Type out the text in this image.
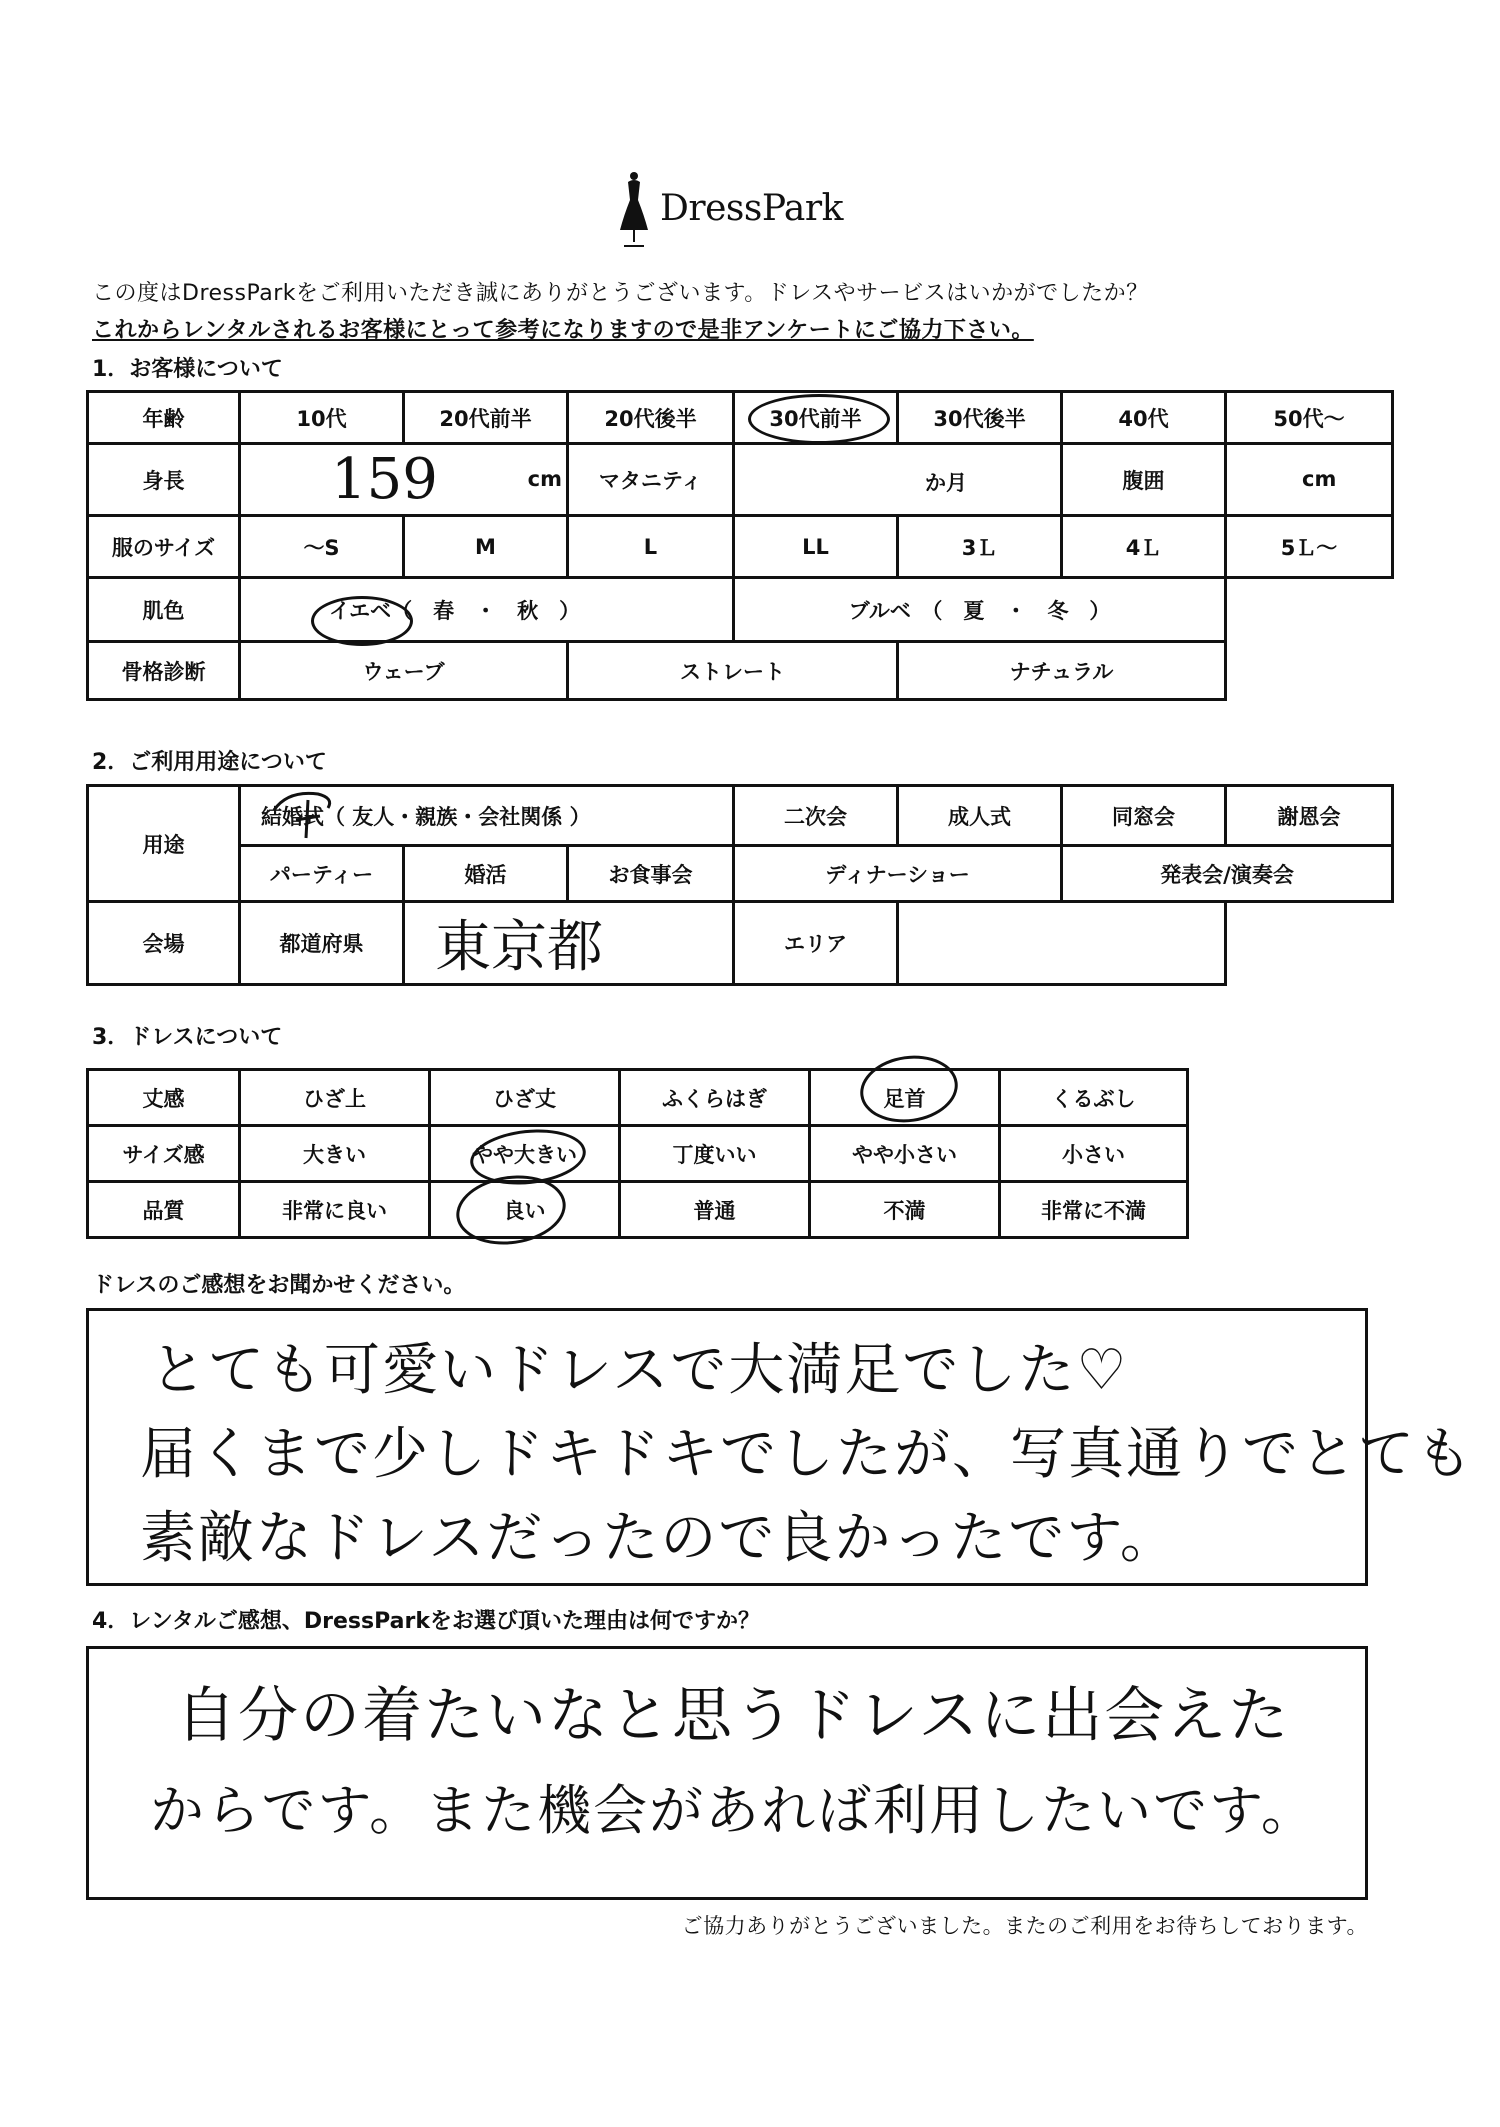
DressPark
この度はDressParkをご利用いただき誠にありがとうございます。ドレスやサービスはいかがでしたか？
これからレンタルされるお客様にとって参考になりますので是非アンケートにご協力下さい。
1．お客様について
年齢	10代	20代前半	20代後半	30代前半	30代後半	40代	50代～
身長	159 cm		マタニティ	か月		腹囲	cm

服のサイズ	～S	M	L	LL	3Ｌ	4Ｌ	5Ｌ～
肌色	イエベ（　春　・　秋　）			ブルベ　（　夏　・　冬　）			
骨格診断	ウェーブ		ストレート		ナチュラル		
2．ご利用用途について
用途	結婚式（ 友人・親族・会社関係 ）			二次会	成人式	同窓会	謝恩会
	パーティー	婚活	お食事会	ディナーショー		発表会/演奏会	
会場	都道府県	東京都		エリア			
3．ドレスについて
丈感	ひざ上	ひざ丈	ふくらはぎ	足首	くるぶし
サイズ感	大きい	やや大きい	丁度いい	やや小さい	小さい
品質	非常に良い	良い	普通	不満	非常に不満
ドレスのご感想をお聞かせください。
とても可愛いドレスで大満足でした♡
届くまで少しドキドキでしたが、写真通りでとても
素敵なドレスだったので良かったです。
4．レンタルご感想、DressParkをお選び頂いた理由は何ですか？
自分の着たいなと思うドレスに出会えた
からです。また機会があれば利用したいです。
ご協力ありがとうございました。またのご利用をお待ちしております。
